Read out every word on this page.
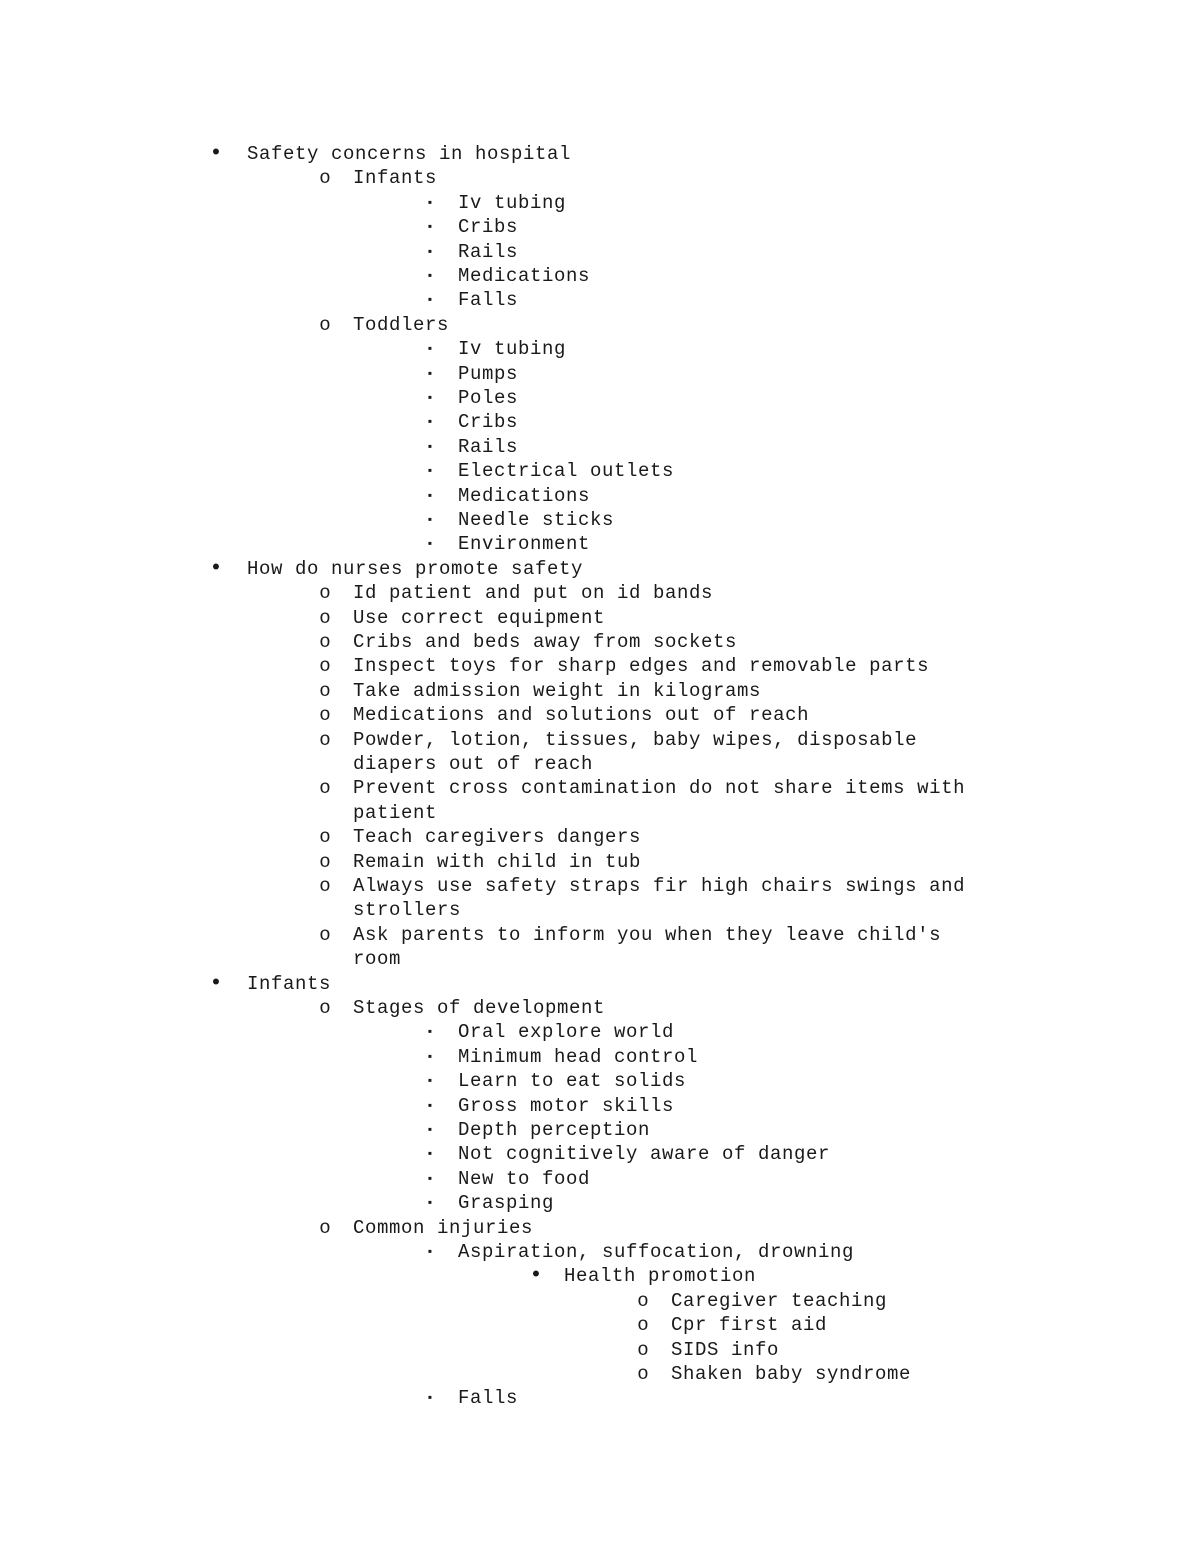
• Safety concerns in hospital
o Infants
▪ Iv tubing
▪ Cribs
▪ Rails
▪ Medications
▪ Falls
o Toddlers
▪ Iv tubing
▪ Pumps
▪ Poles
▪ Cribs
▪ Rails
▪ Electrical outlets
▪ Medications
▪ Needle sticks
▪ Environment
• How do nurses promote safety
o Id patient and put on id bands
o Use correct equipment
o Cribs and beds away from sockets
o Inspect toys for sharp edges and removable parts
o Take admission weight in kilograms
o Medications and solutions out of reach
o Powder, lotion, tissues, baby wipes, disposable
diapers out of reach
o Prevent cross contamination do not share items with
patient
o Teach caregivers dangers
o Remain with child in tub
o Always use safety straps fir high chairs swings and
strollers
o Ask parents to inform you when they leave child's
room
• Infants
o Stages of development
▪ Oral explore world
▪ Minimum head control
▪ Learn to eat solids
▪ Gross motor skills
▪ Depth perception
▪ Not cognitively aware of danger
▪ New to food
▪ Grasping
o Common injuries
▪ Aspiration, suffocation, drowning
• Health promotion
o Caregiver teaching
o Cpr first aid
o SIDS info
o Shaken baby syndrome
▪ Falls
